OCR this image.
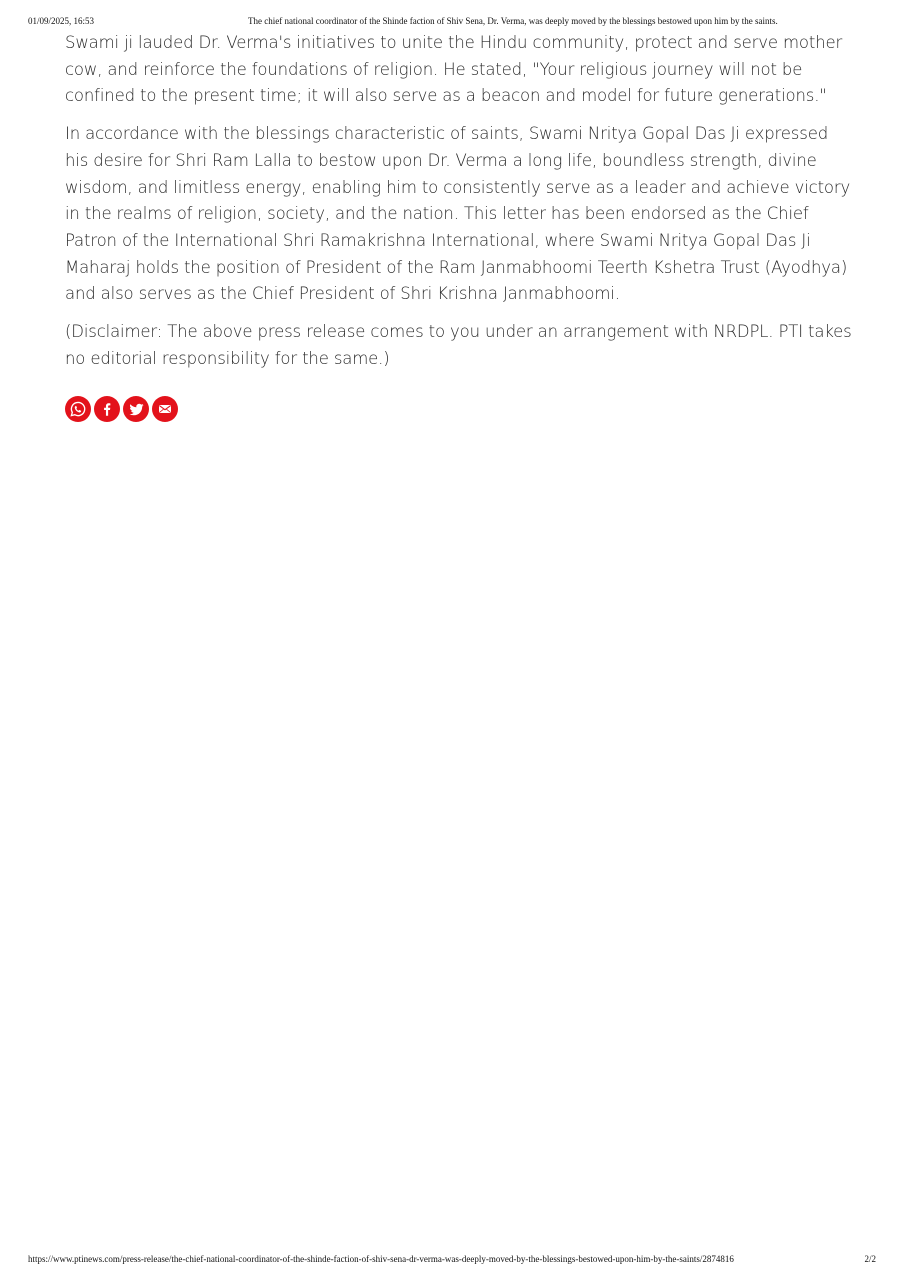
01/09/2025, 16:53	The chief national coordinator of the Shinde faction of Shiv Sena, Dr. Verma, was deeply moved by the blessings bestowed upon him by the saints.

Swami ji lauded Dr. Verma's initiatives to unite the Hindu community, protect and serve mother cow, and reinforce the foundations of religion. He stated, "Your religious journey will not be confined to the present time; it will also serve as a beacon and model for future generations."

In accordance with the blessings characteristic of saints, Swami Nritya Gopal Das Ji expressed his desire for Shri Ram Lalla to bestow upon Dr. Verma a long life, boundless strength, divine wisdom, and limitless energy, enabling him to consistently serve as a leader and achieve victory in the realms of religion, society, and the nation. This letter has been endorsed as the Chief Patron of the International Shri Ramakrishna International, where Swami Nritya Gopal Das Ji Maharaj holds the position of President of the Ram Janmabhoomi Teerth Kshetra Trust (Ayodhya) and also serves as the Chief President of Shri Krishna Janmabhoomi.

(Disclaimer: The above press release comes to you under an arrangement with NRDPL. PTI takes no editorial responsibility for the same.)

https://www.ptinews.com/press-release/the-chief-national-coordinator-of-the-shinde-faction-of-shiv-sena-dr-verma-was-deeply-moved-by-the-blessings-bestowed-upon-him-by-the-saints/2874816	2/2
